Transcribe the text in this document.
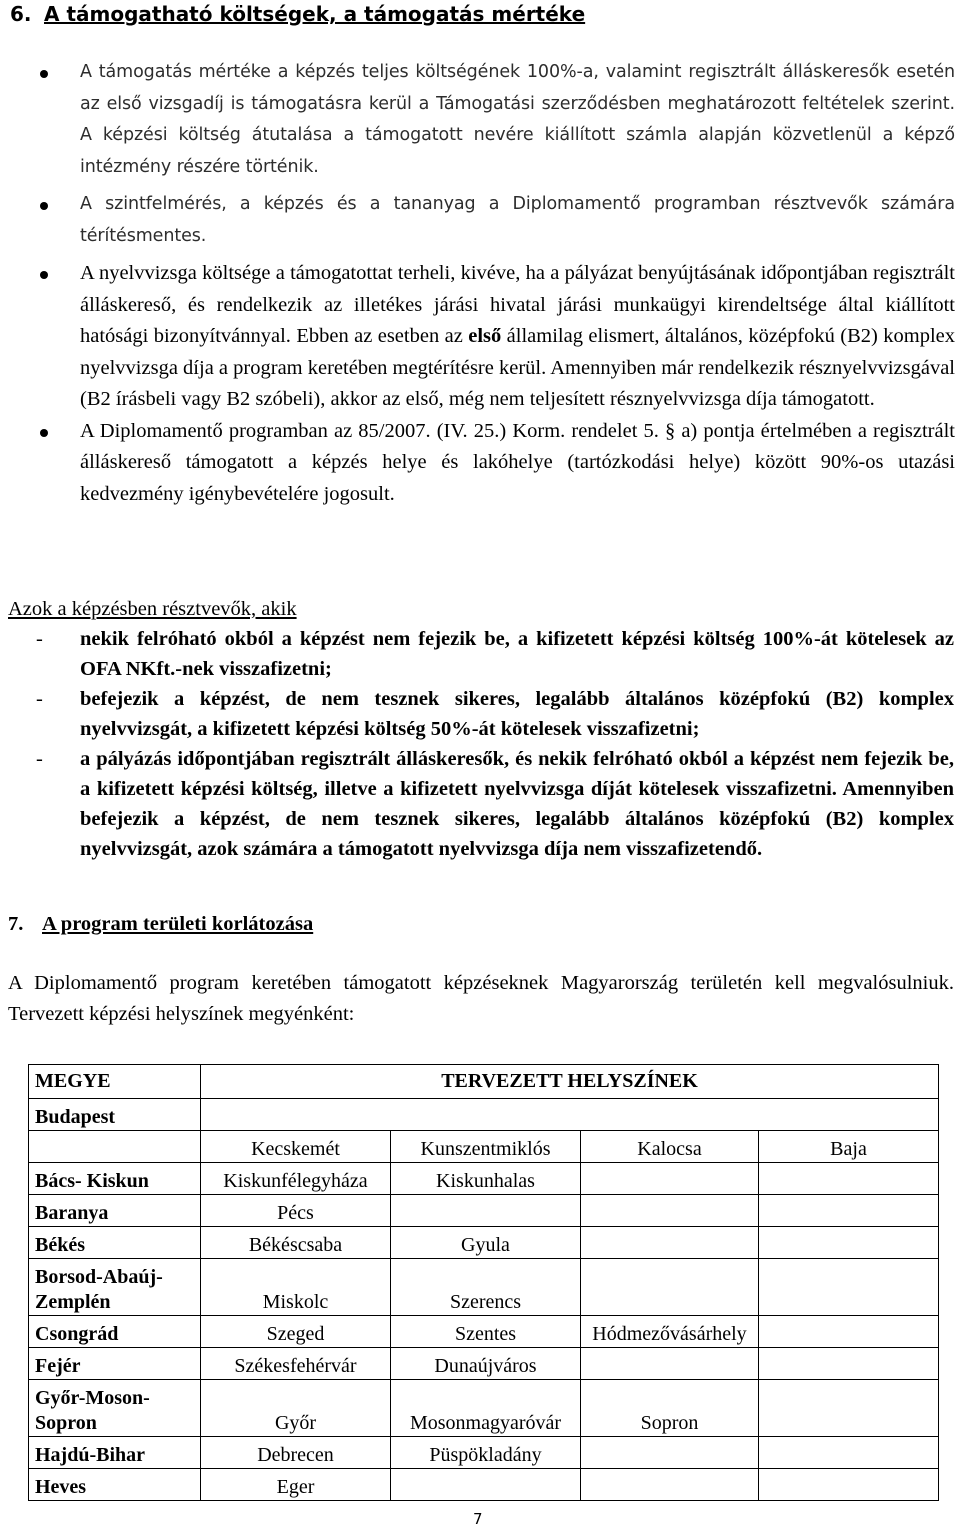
6. A támogatható költségek, a támogatás mértéke
A támogatás mértéke a képzés teljes költségének 100%-a, valamint regisztrált álláskeresők esetén az első vizsgadíj is támogatásra kerül a Támogatási szerződésben meghatározott feltételek szerint. A képzési költség átutalása a támogatott nevére kiállított számla alapján közvetlenül a képző intézmény részére történik.
A szintfelmérés, a képzés és a tananyag a Diplomamentő programban résztvevők számára térítésmentes.
A nyelvvizsga költsége a támogatottat terheli, kivéve, ha a pályázat benyújtásának időpontjában regisztrált álláskereső, és rendelkezik az illetékes járási hivatal járási munkaügyi kirendeltsége által kiállított hatósági bizonyítvánnyal. Ebben az esetben az első államilag elismert, általános, középfokú (B2) komplex nyelvvizsga díja a program keretében megtérítésre kerül. Amennyiben már rendelkezik résznyelvvizsgával (B2 írásbeli vagy B2 szóbeli), akkor az első, még nem teljesített résznyelvvizsga díja támogatott.
A Diplomamentő programban az 85/2007. (IV. 25.) Korm. rendelet 5. § a) pontja értelmében a regisztrált álláskereső támogatott a képzés helye és lakóhelye (tartózkodási helye) között 90%-os utazási kedvezmény igénybevételére jogosult.
Azok a képzésben résztvevők, akik
- nekik felróható okból a képzést nem fejezik be, a kifizetett képzési költség 100%-át kötelesek az OFA NKft.-nek visszafizetni;
- befejezik a képzést, de nem tesznek sikeres, legalább általános középfokú (B2) komplex nyelvvizsgát, a kifizetett képzési költség 50%-át kötelesek visszafizetni;
- a pályázás időpontjában regisztrált álláskeresők, és nekik felróható okból a képzést nem fejezik be, a kifizetett képzési költség, illetve a kifizetett nyelvvizsga díját kötelesek visszafizetni. Amennyiben befejezik a képzést, de nem tesznek sikeres, legalább általános középfokú (B2) komplex nyelvvizsgát, azok számára a támogatott nyelvvizsga díja nem visszafizetendő.
7. A program területi korlátozása
A Diplomamentő program keretében támogatott képzéseknek Magyarország területén kell megvalósulniuk. Tervezett képzési helyszínek megyénként:
MEGYE	TERVEZETT HELYSZÍNEK			
Budapest				
	Kecskemét	Kunszentmiklós	Kalocsa	Baja
Bács- Kiskun	Kiskunfélegyháza	Kiskunhalas		
Baranya	Pécs			
Békés	Békéscsaba	Gyula		
Borsod-Abaúj-Zemplén	Miskolc	Szerencs		
Csongrád	Szeged	Szentes	Hódmezővásárhely	
Fejér	Székesfehérvár	Dunaújváros		
Győr-Moson-Sopron	Győr	Mosonmagyaróvár	Sopron	
Hajdú-Bihar	Debrecen	Püspökladány		
Heves	Eger			
7
